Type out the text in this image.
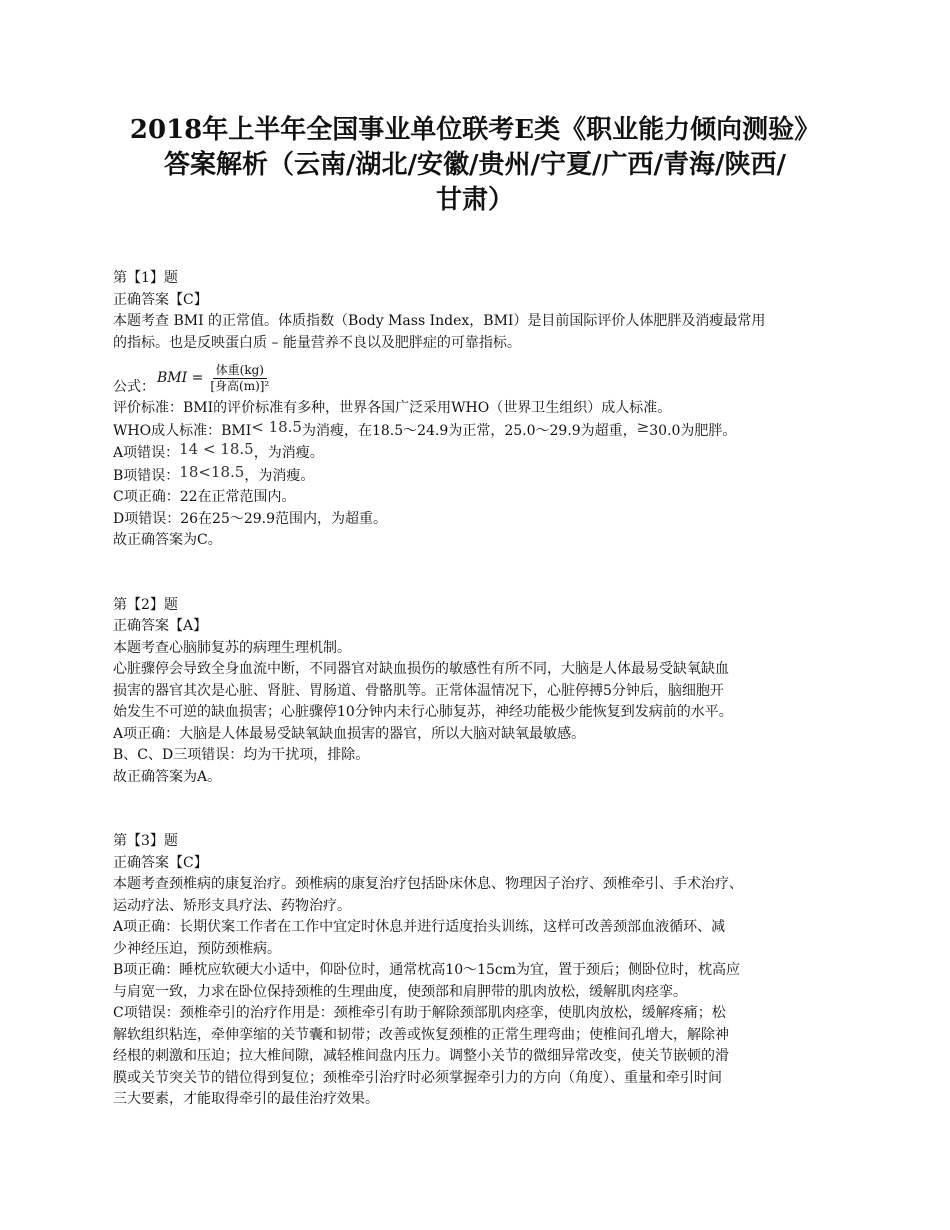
2018年上半年全国事业单位联考E类《职业能力倾向测验》
答案解析（云南/湖北/安徽/贵州/宁夏/广西/青海/陕西/
甘肃）
第【1】题
正确答案【C】
本题考查 BMI 的正常值。体质指数（Body Mass Index，BMI）是目前国际评价人体肥胖及消瘦最常用
的指标。也是反映蛋白质 – 能量营养不良以及肥胖症的可靠指标。
公式：
BMI = $\frac{\text{体重(kg)}}{\text{[身高(m)]²}}$
评价标准：BMI的评价标准有多种，世界各国广泛采用WHO（世界卫生组织）成人标准。
WHO成人标准：BMI< 18.5为消瘦，在18.5～24.9为正常，25.0～29.9为超重，≥30.0为肥胖。
A项错误：14 < 18.5，为消瘦。
B项错误：18<18.5，为消瘦。
C项正确：22在正常范围内。
D项错误：26在25～29.9范围内，为超重。
故正确答案为C。
第【2】题
正确答案【A】
本题考查心脑肺复苏的病理生理机制。
心脏骤停会导致全身血流中断，不同器官对缺血损伤的敏感性有所不同，大脑是人体最易受缺氧缺血
损害的器官其次是心脏、肾脏、胃肠道、骨骼肌等。正常体温情况下，心脏停搏5分钟后，脑细胞开
始发生不可逆的缺血损害；心脏骤停10分钟内未行心肺复苏，神经功能极少能恢复到发病前的水平。
A项正确：大脑是人体最易受缺氧缺血损害的器官，所以大脑对缺氧最敏感。
B、C、D三项错误：均为干扰项，排除。
故正确答案为A。
第【3】题
正确答案【C】
本题考查颈椎病的康复治疗。颈椎病的康复治疗包括卧床休息、物理因子治疗、颈椎牵引、手术治疗、
运动疗法、矫形支具疗法、药物治疗。
A项正确：长期伏案工作者在工作中宜定时休息并进行适度抬头训练，这样可改善颈部血液循环、减
少神经压迫，预防颈椎病。
B项正确：睡枕应软硬大小适中，仰卧位时，通常枕高10～15cm为宜，置于颈后；侧卧位时，枕高应
与肩宽一致，力求在卧位保持颈椎的生理曲度，使颈部和肩胛带的肌肉放松，缓解肌肉痉挛。
C项错误：颈椎牵引的治疗作用是：颈椎牵引有助于解除颈部肌肉痉挛，使肌肉放松，缓解疼痛；松
解软组织粘连，牵伸挛缩的关节囊和韧带；改善或恢复颈椎的正常生理弯曲；使椎间孔增大，解除神
经根的刺激和压迫；拉大椎间隙，减轻椎间盘内压力。调整小关节的微细异常改变，使关节嵌顿的滑
膜或关节突关节的错位得到复位；颈椎牵引治疗时必须掌握牵引力的方向（角度）、重量和牵引时间
三大要素，才能取得牵引的最佳治疗效果。
